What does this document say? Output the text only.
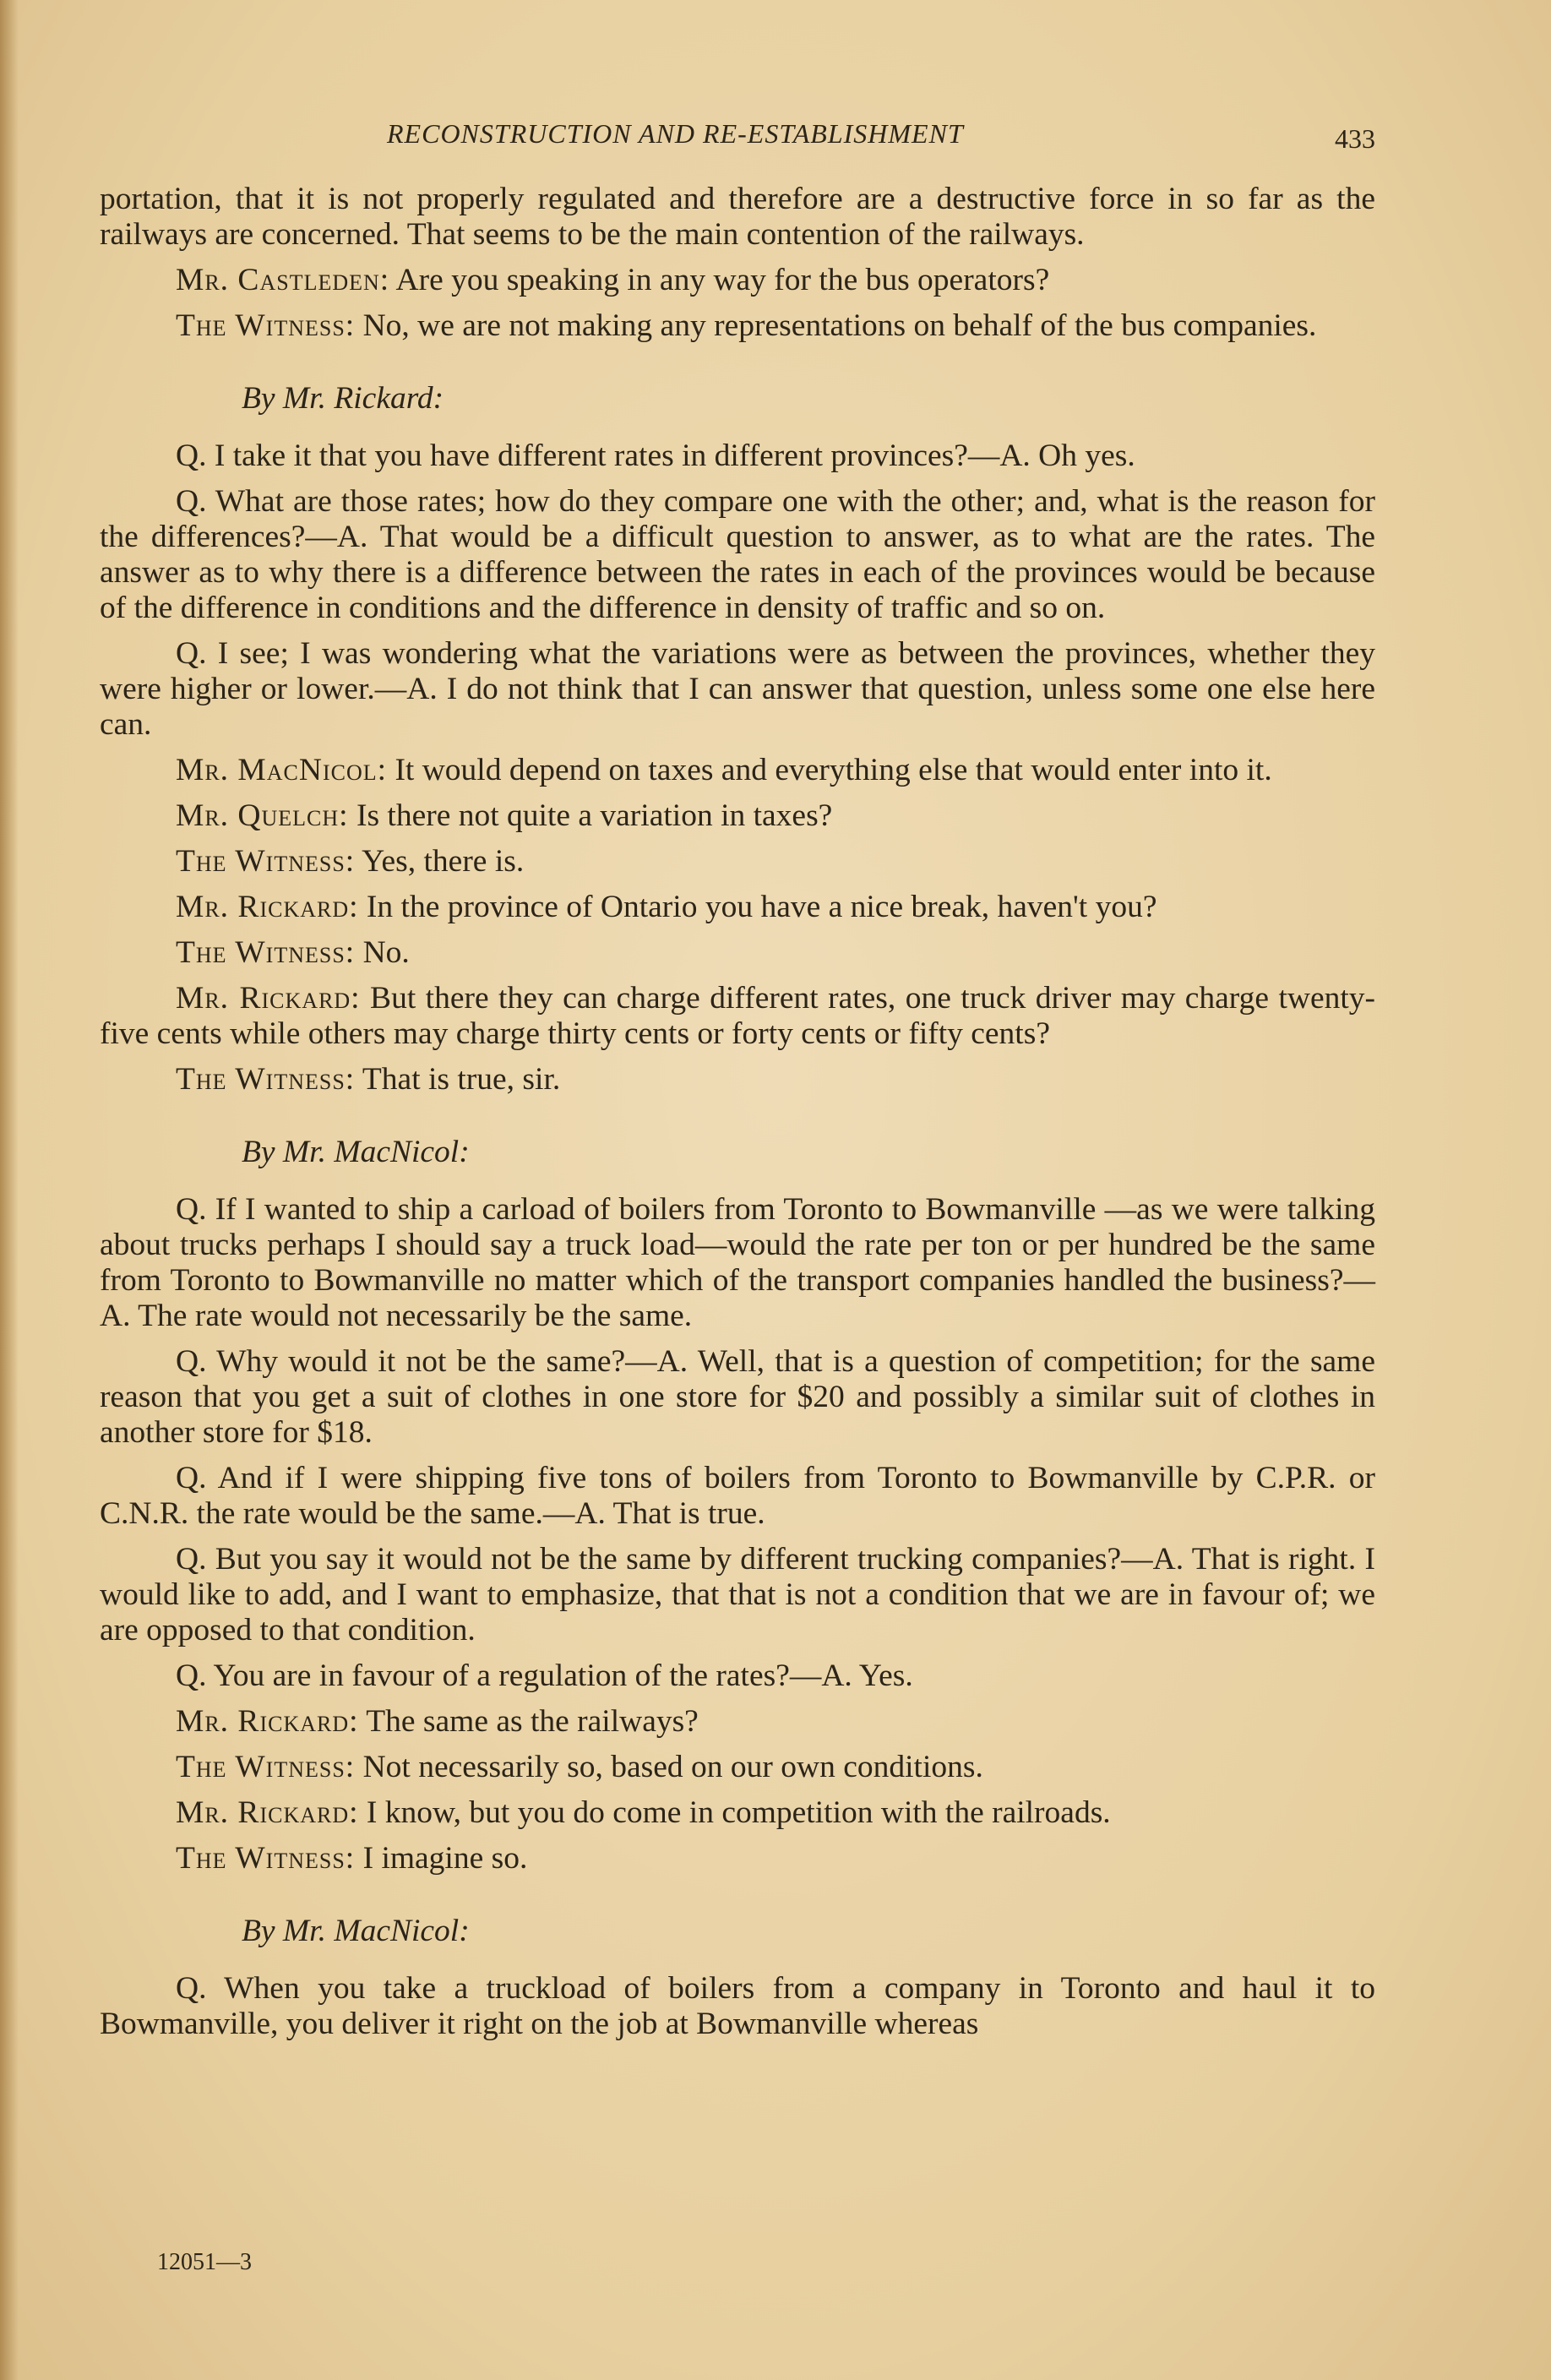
RECONSTRUCTION AND RE-ESTABLISHMENT	433

portation, that it is not properly regulated and therefore are a destructive force in so far as the railways are concerned. That seems to be the main contention of the railways.

Mr. Castleden: Are you speaking in any way for the bus operators?

The Witness: No, we are not making any representations on behalf of the bus companies.

By Mr. Rickard:

Q. I take it that you have different rates in different provinces?—A. Oh yes.

Q. What are those rates; how do they compare one with the other; and, what is the reason for the differences?—A. That would be a difficult question to answer, as to what are the rates. The answer as to why there is a difference between the rates in each of the provinces would be because of the difference in conditions and the difference in density of traffic and so on.

Q. I see; I was wondering what the variations were as between the provinces, whether they were higher or lower.—A. I do not think that I can answer that question, unless some one else here can.

Mr. MacNicol: It would depend on taxes and everything else that would enter into it.

Mr. Quelch: Is there not quite a variation in taxes?

The Witness: Yes, there is.

Mr. Rickard: In the province of Ontario you have a nice break, haven't you?

The Witness: No.

Mr. Rickard: But there they can charge different rates, one truck driver may charge twenty-five cents while others may charge thirty cents or forty cents or fifty cents?

The Witness: That is true, sir.

By Mr. MacNicol:

Q. If I wanted to ship a carload of boilers from Toronto to Bowmanville —as we were talking about trucks perhaps I should say a truck load—would the rate per ton or per hundred be the same from Toronto to Bowmanville no matter which of the transport companies handled the business?—A. The rate would not necessarily be the same.

Q. Why would it not be the same?—A. Well, that is a question of competition; for the same reason that you get a suit of clothes in one store for $20 and possibly a similar suit of clothes in another store for $18.

Q. And if I were shipping five tons of boilers from Toronto to Bowmanville by C.P.R. or C.N.R. the rate would be the same.—A. That is true.

Q. But you say it would not be the same by different trucking companies?—A. That is right. I would like to add, and I want to emphasize, that that is not a condition that we are in favour of; we are opposed to that condition.

Q. You are in favour of a regulation of the rates?—A. Yes.

Mr. Rickard: The same as the railways?

The Witness: Not necessarily so, based on our own conditions.

Mr. Rickard: I know, but you do come in competition with the railroads.

The Witness: I imagine so.

By Mr. MacNicol:

Q. When you take a truckload of boilers from a company in Toronto and haul it to Bowmanville, you deliver it right on the job at Bowmanville whereas

12051—3
